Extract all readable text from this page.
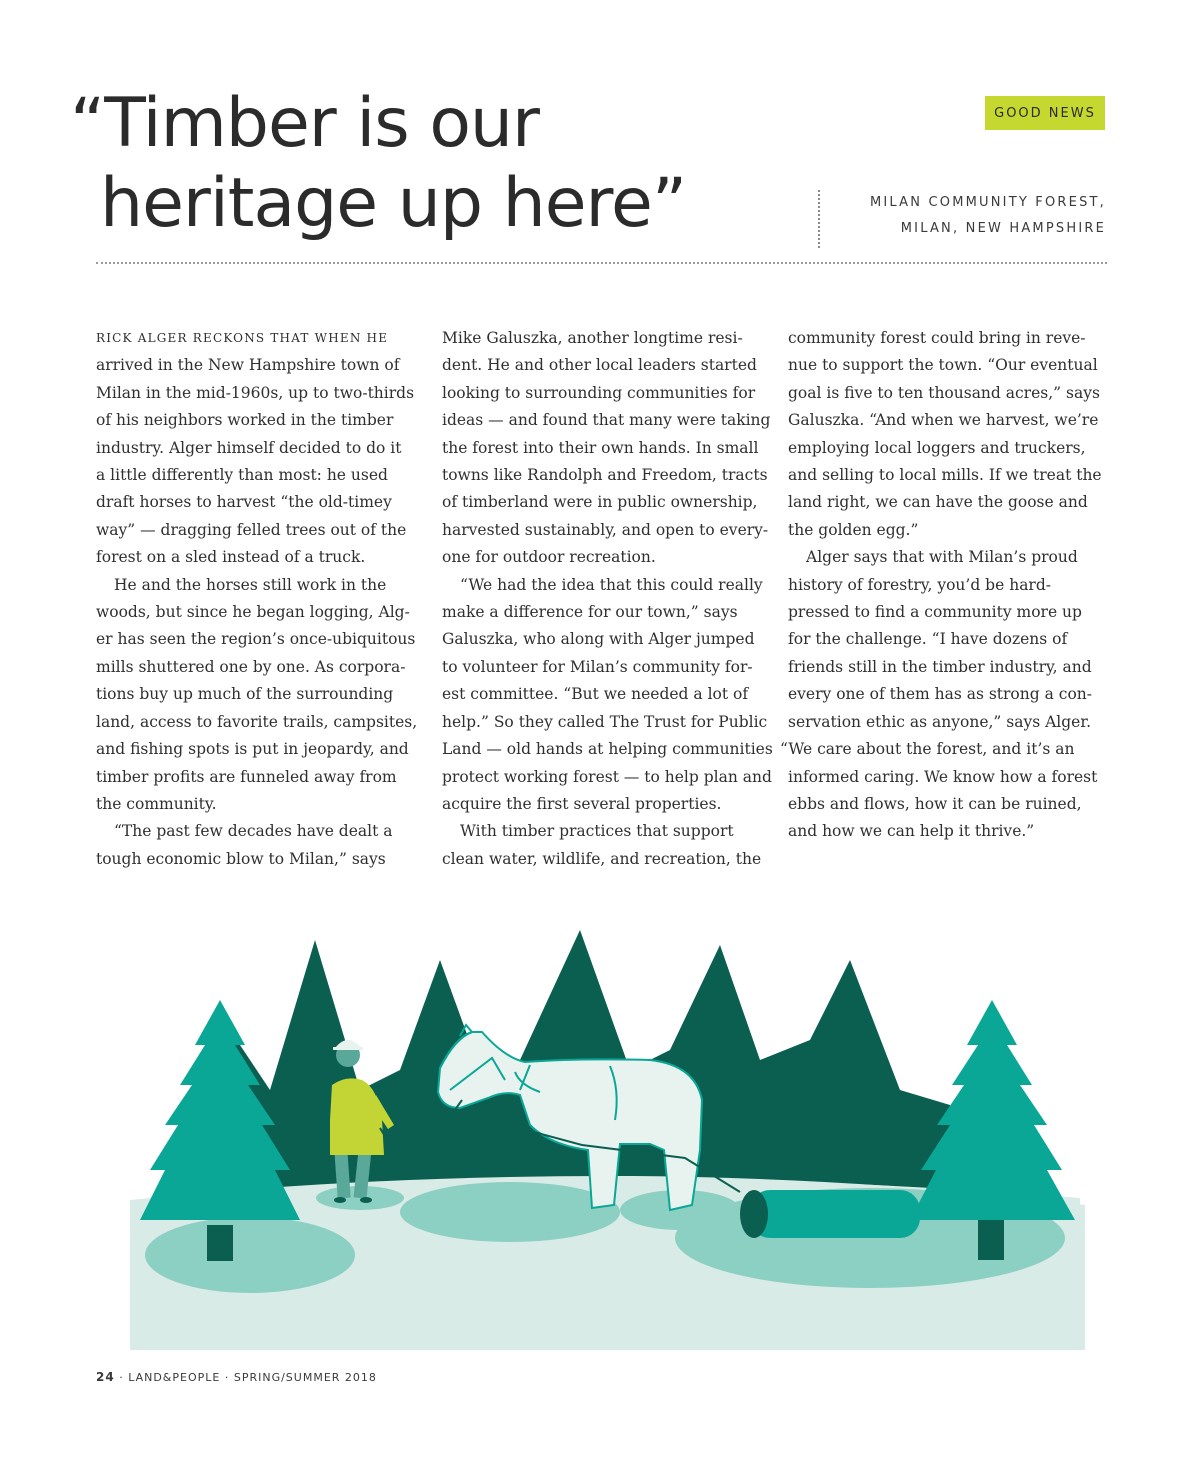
“Timber is our
heritage up here”
GOOD NEWS
MILAN COMMUNITY FOREST,
MILAN, NEW HAMPSHIRE
RICK ALGER RECKONS THAT WHEN HE
arrived in the New Hampshire town of
Milan in the mid-1960s, up to two-thirds
of his neighbors worked in the timber
industry. Alger himself decided to do it
a little differently than most: he used
draft horses to harvest “the old-timey
way” — dragging felled trees out of the
forest on a sled instead of a truck.
He and the horses still work in the
woods, but since he began logging, Alg-
er has seen the region’s once-ubiquitous
mills shuttered one by one. As corpora-
tions buy up much of the surrounding
land, access to favorite trails, campsites,
and fishing spots is put in jeopardy, and
timber profits are funneled away from
the community.
“The past few decades have dealt a
tough economic blow to Milan,” says
Mike Galuszka, another longtime resi-
dent. He and other local leaders started
looking to surrounding communities for
ideas — and found that many were taking
the forest into their own hands. In small
towns like Randolph and Freedom, tracts
of timberland were in public ownership,
harvested sustainably, and open to every-
one for outdoor recreation.
“We had the idea that this could really
make a difference for our town,” says
Galuszka, who along with Alger jumped
to volunteer for Milan’s community for-
est committee. “But we needed a lot of
help.” So they called The Trust for Public
Land — old hands at helping communities
protect working forest — to help plan and
acquire the first several properties.
With timber practices that support
clean water, wildlife, and recreation, the
community forest could bring in reve-
nue to support the town. “Our eventual
goal is five to ten thousand acres,” says
Galuszka. “And when we harvest, we’re
employing local loggers and truckers,
and selling to local mills. If we treat the
land right, we can have the goose and
the golden egg.”
Alger says that with Milan’s proud
history of forestry, you’d be hard-
pressed to find a community more up
for the challenge. “I have dozens of
friends still in the timber industry, and
every one of them has as strong a con-
servation ethic as anyone,” says Alger.
“We care about the forest, and it’s an
informed caring. We know how a forest
ebbs and flows, how it can be ruined,
and how we can help it thrive.”
24 · LAND&PEOPLE · SPRING/SUMMER 2018
